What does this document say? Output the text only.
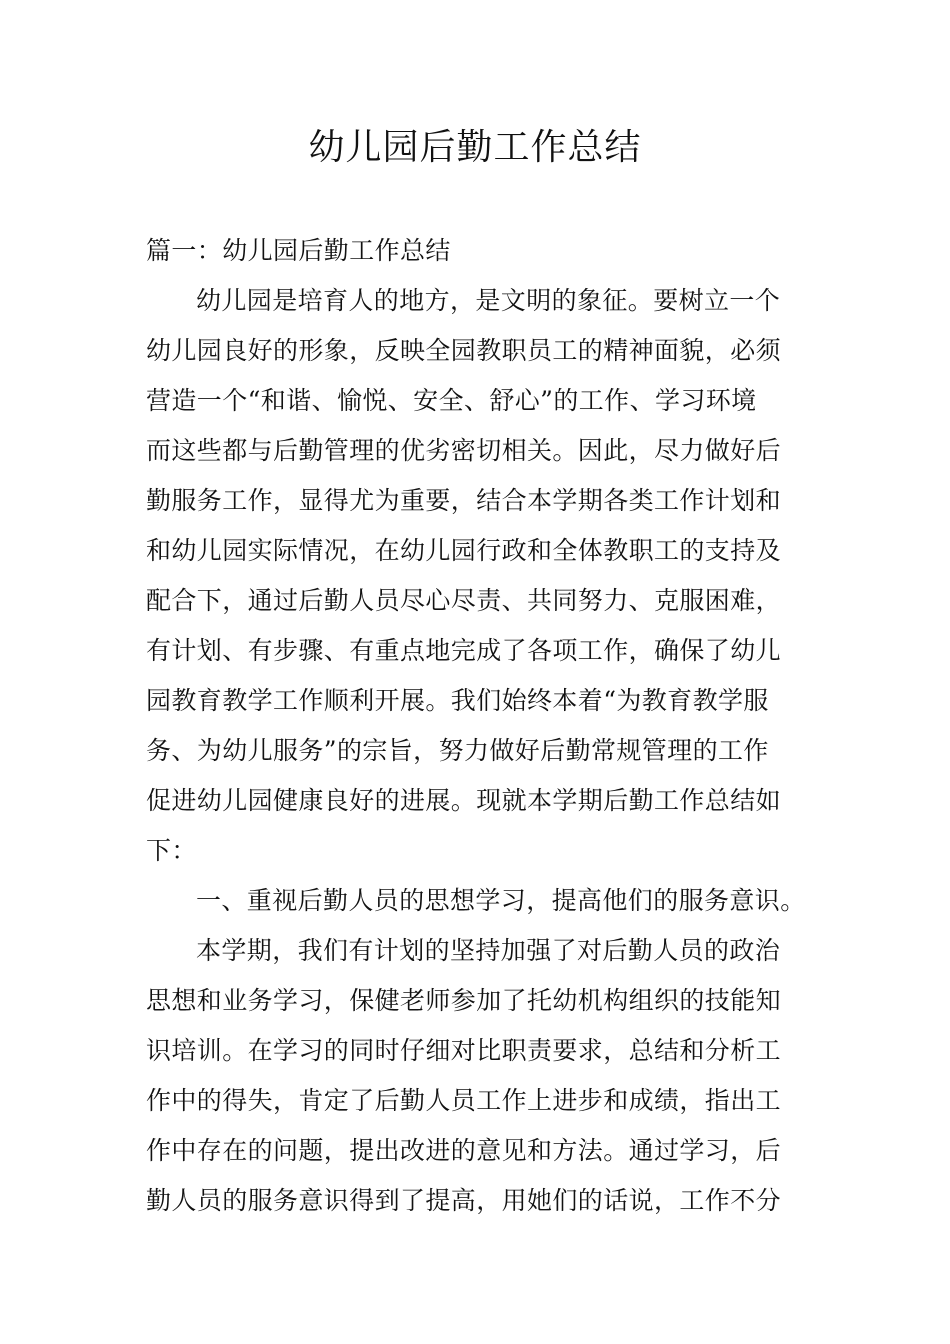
幼儿园后勤工作总结
篇一：幼儿园后勤工作总结
幼儿园是培育人的地方，是文明的象征。要树立一个
幼儿园良好的形象，反映全园教职员工的精神面貌，必须
营造一个“和谐、愉悦、安全、舒心”的工作、学习环境
而这些都与后勤管理的优劣密切相关。因此，尽力做好后
勤服务工作，显得尤为重要，结合本学期各类工作计划和
和幼儿园实际情况，在幼儿园行政和全体教职工的支持及
配合下，通过后勤人员尽心尽责、共同努力、克服困难，
有计划、有步骤、有重点地完成了各项工作，确保了幼儿
园教育教学工作顺利开展。我们始终本着“为教育教学服
务、为幼儿服务”的宗旨，努力做好后勤常规管理的工作
促进幼儿园健康良好的进展。现就本学期后勤工作总结如
下：
一、重视后勤人员的思想学习，提高他们的服务意识。
本学期，我们有计划的坚持加强了对后勤人员的政治
思想和业务学习，保健老师参加了托幼机构组织的技能知
识培训。在学习的同时仔细对比职责要求，总结和分析工
作中的得失，肯定了后勤人员工作上进步和成绩，指出工
作中存在的问题，提出改进的意见和方法。通过学习，后
勤人员的服务意识得到了提高，用她们的话说，工作不分
